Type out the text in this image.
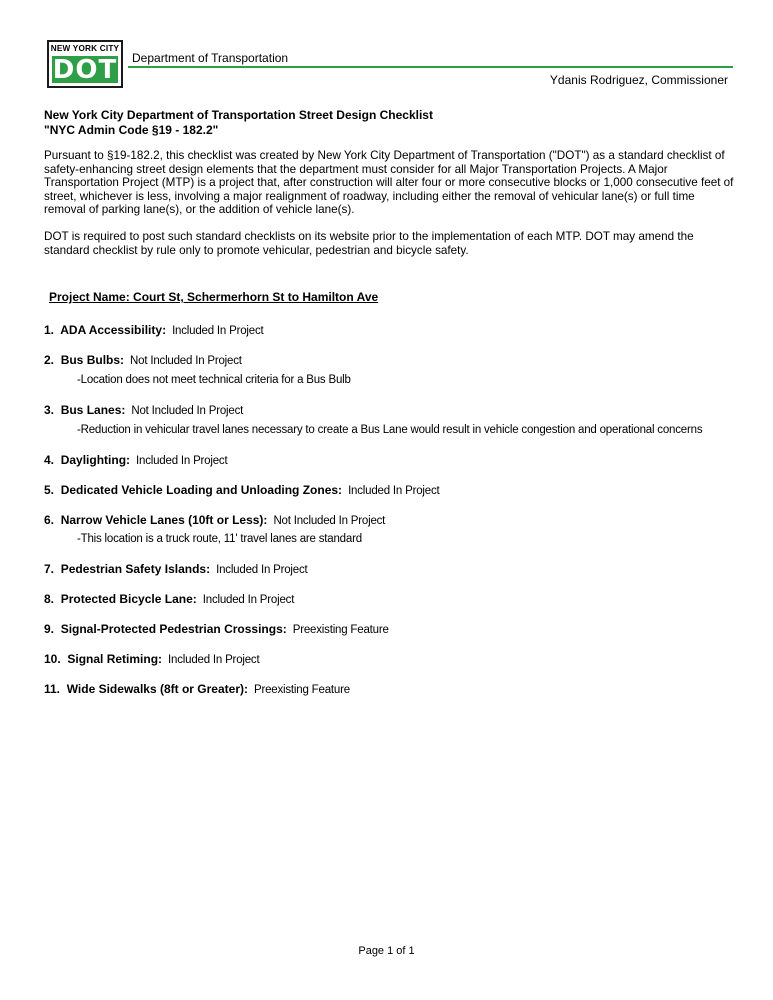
NEW YORK CITY
DOT Department of Transportation
Ydanis Rodriguez, Commissioner
New York City Department of Transportation Street Design Checklist
"NYC Admin Code §19 - 182.2"
Pursuant to §19-182.2, this checklist was created by New York City Department of Transportation ("DOT") as a standard checklist of safety-enhancing street design elements that the department must consider for all Major Transportation Projects. A Major Transportation Project (MTP) is a project that, after construction will alter four or more consecutive blocks or 1,000 consecutive feet of street, whichever is less, involving a major realignment of roadway, including either the removal of vehicular lane(s) or full time removal of parking lane(s), or the addition of vehicle lane(s).
DOT is required to post such standard checklists on its website prior to the implementation of each MTP. DOT may amend the standard checklist by rule only to promote vehicular, pedestrian and bicycle safety.
Project Name: Court St, Schermerhorn St to Hamilton Ave
1. ADA Accessibility: Included In Project
2. Bus Bulbs: Not Included In Project
-Location does not meet technical criteria for a Bus Bulb
3. Bus Lanes: Not Included In Project
-Reduction in vehicular travel lanes necessary to create a Bus Lane would result in vehicle congestion and operational concerns
4. Daylighting: Included In Project
5. Dedicated Vehicle Loading and Unloading Zones: Included In Project
6. Narrow Vehicle Lanes (10ft or Less): Not Included In Project
-This location is a truck route, 11' travel lanes are standard
7. Pedestrian Safety Islands: Included In Project
8. Protected Bicycle Lane: Included In Project
9. Signal-Protected Pedestrian Crossings: Preexisting Feature
10. Signal Retiming: Included In Project
11. Wide Sidewalks (8ft or Greater): Preexisting Feature
Page 1 of 1
